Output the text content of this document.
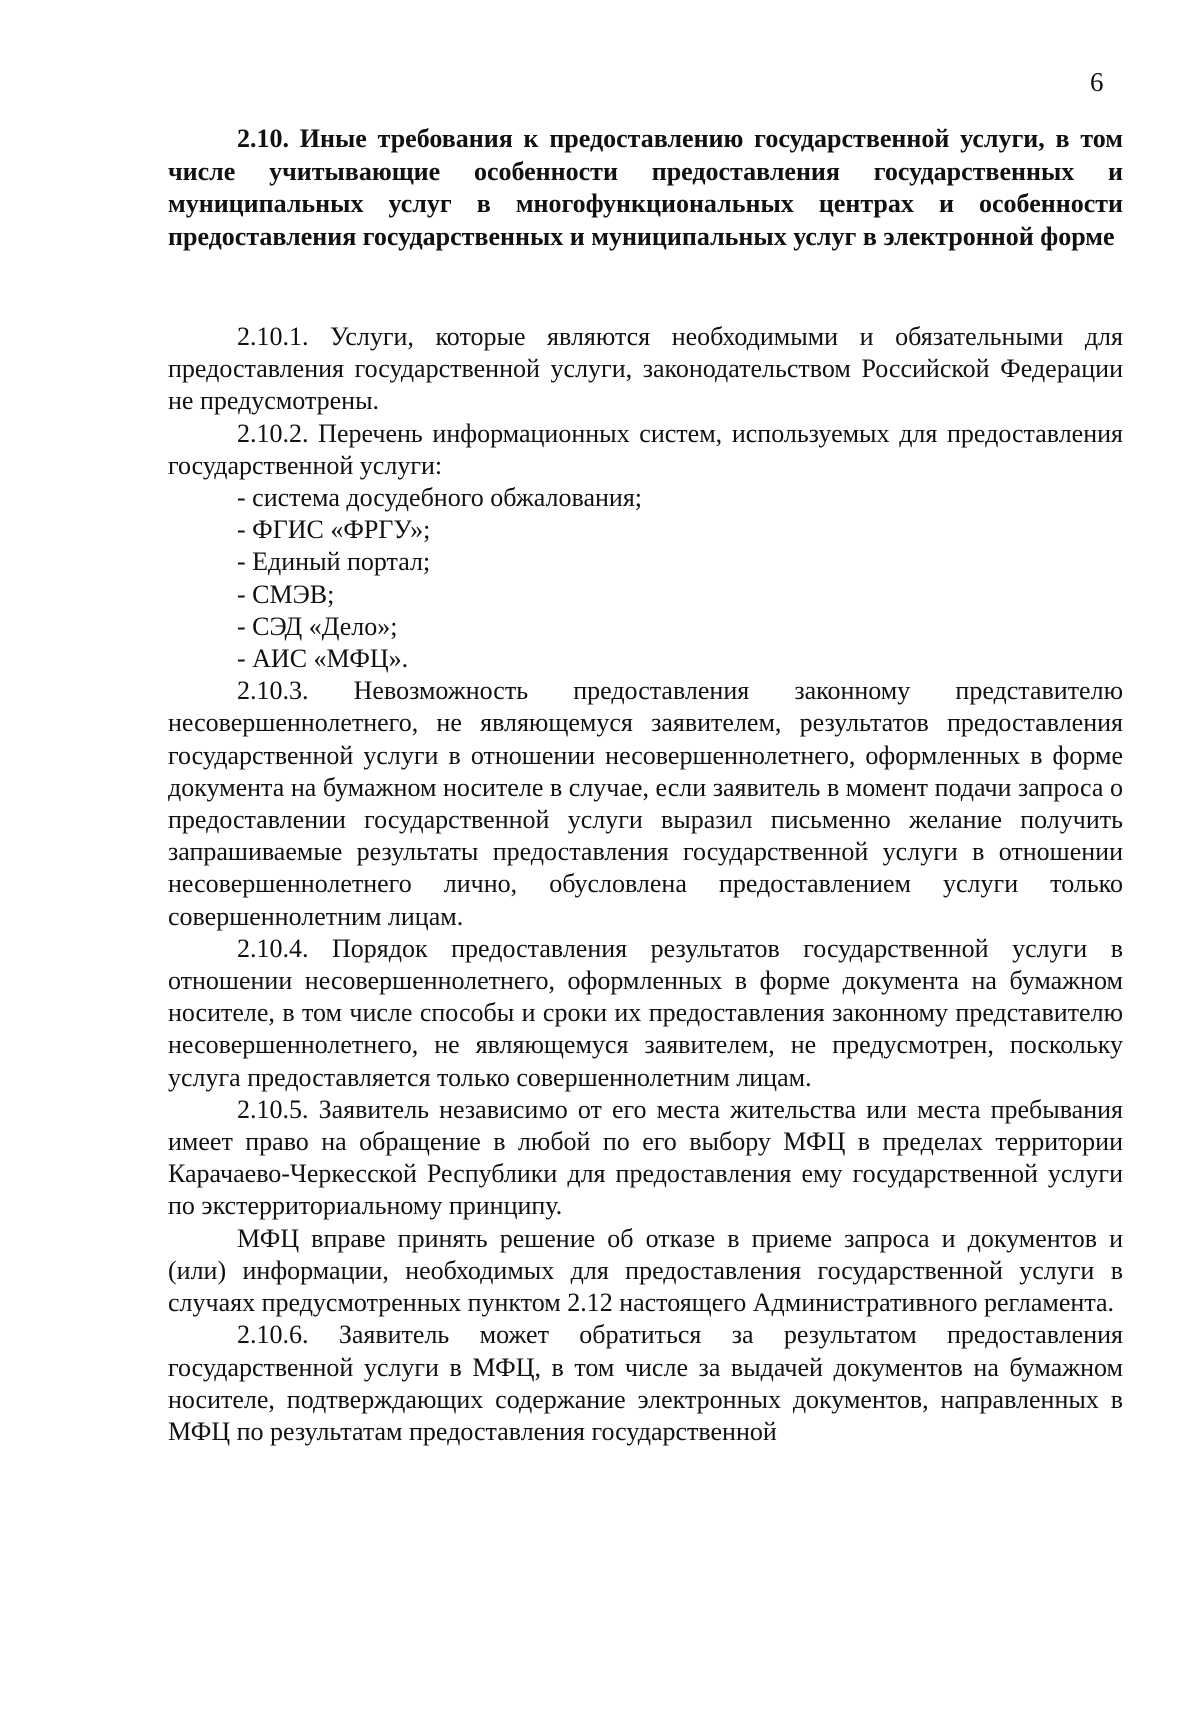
6

2.10. Иные требования к предоставлению государственной услуги, в том числе учитывающие особенности предоставления государственных и муниципальных услуг в многофункциональных центрах и особенности предоставления государственных и муниципальных услуг в электронной форме

2.10.1. Услуги, которые являются необходимыми и обязательными для предоставления государственной услуги, законодательством Российской Федерации не предусмотрены.

2.10.2. Перечень информационных систем, используемых для предоставления государственной услуги:

- система досудебного обжалования;

- ФГИС «ФРГУ»;

- Единый портал;

- СМЭВ;

- СЭД «Дело»;

- АИС «МФЦ».

2.10.3. Невозможность предоставления законному представителю несовершеннолетнего, не являющемуся заявителем, результатов предоставления государственной услуги в отношении несовершеннолетнего, оформленных в форме документа на бумажном носителе в случае, если заявитель в момент подачи запроса о предоставлении государственной услуги выразил письменно желание получить запрашиваемые результаты предоставления государственной услуги в отношении несовершеннолетнего лично, обусловлена предоставлением услуги только совершеннолетним лицам.

2.10.4. Порядок предоставления результатов государственной услуги в отношении несовершеннолетнего, оформленных в форме документа на бумажном носителе, в том числе способы и сроки их предоставления законному представителю несовершеннолетнего, не являющемуся заявителем, не предусмотрен, поскольку услуга предоставляется только совершеннолетним лицам.

2.10.5. Заявитель независимо от его места жительства или места пребывания имеет право на обращение в любой по его выбору МФЦ в пределах территории Карачаево-Черкесской Республики для предоставления ему государственной услуги по экстерриториальному принципу.

МФЦ вправе принять решение об отказе в приеме запроса и документов и (или) информации, необходимых для предоставления государственной услуги в случаях предусмотренных пунктом 2.12 настоящего Административного регламента.

2.10.6. Заявитель может обратиться за результатом предоставления государственной услуги в МФЦ, в том числе за выдачей документов на бумажном носителе, подтверждающих содержание электронных документов, направленных в МФЦ по результатам предоставления государственной
